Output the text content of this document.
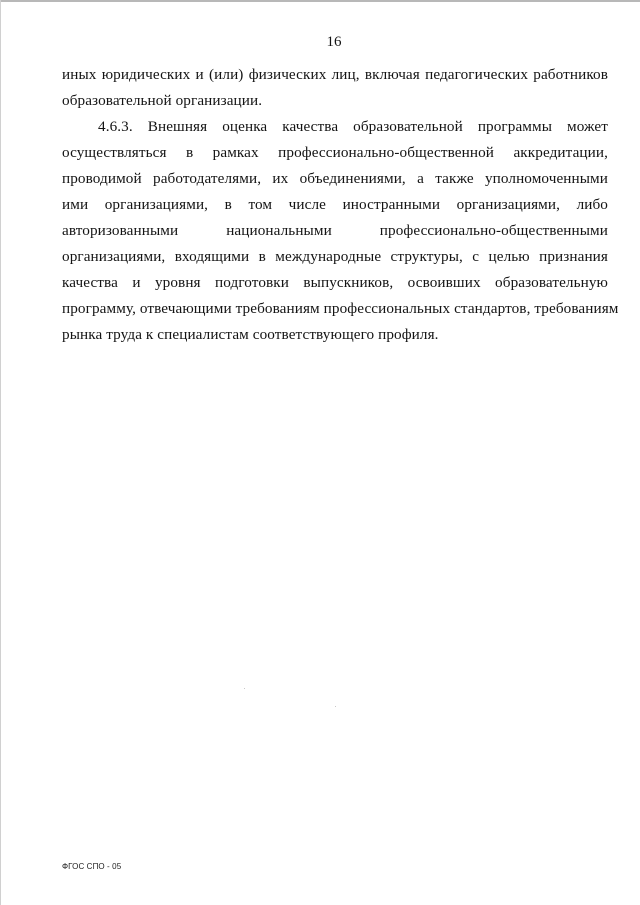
16
иных юридических и (или) физических лиц, включая педагогических работников
образовательной организации.
4.6.3. Внешняя оценка качества образовательной программы может
осуществляться в рамках профессионально-общественной аккредитации,
проводимой работодателями, их объединениями, а также уполномоченными
ими организациями, в том числе иностранными организациями, либо
авторизованными национальными профессионально-общественными
организациями, входящими в международные структуры, с целью признания
качества и уровня подготовки выпускников, освоивших образовательную
программу, отвечающими требованиям профессиональных стандартов, требованиям
рынка труда к специалистам соответствующего профиля.
ФГОС СПО - 05
